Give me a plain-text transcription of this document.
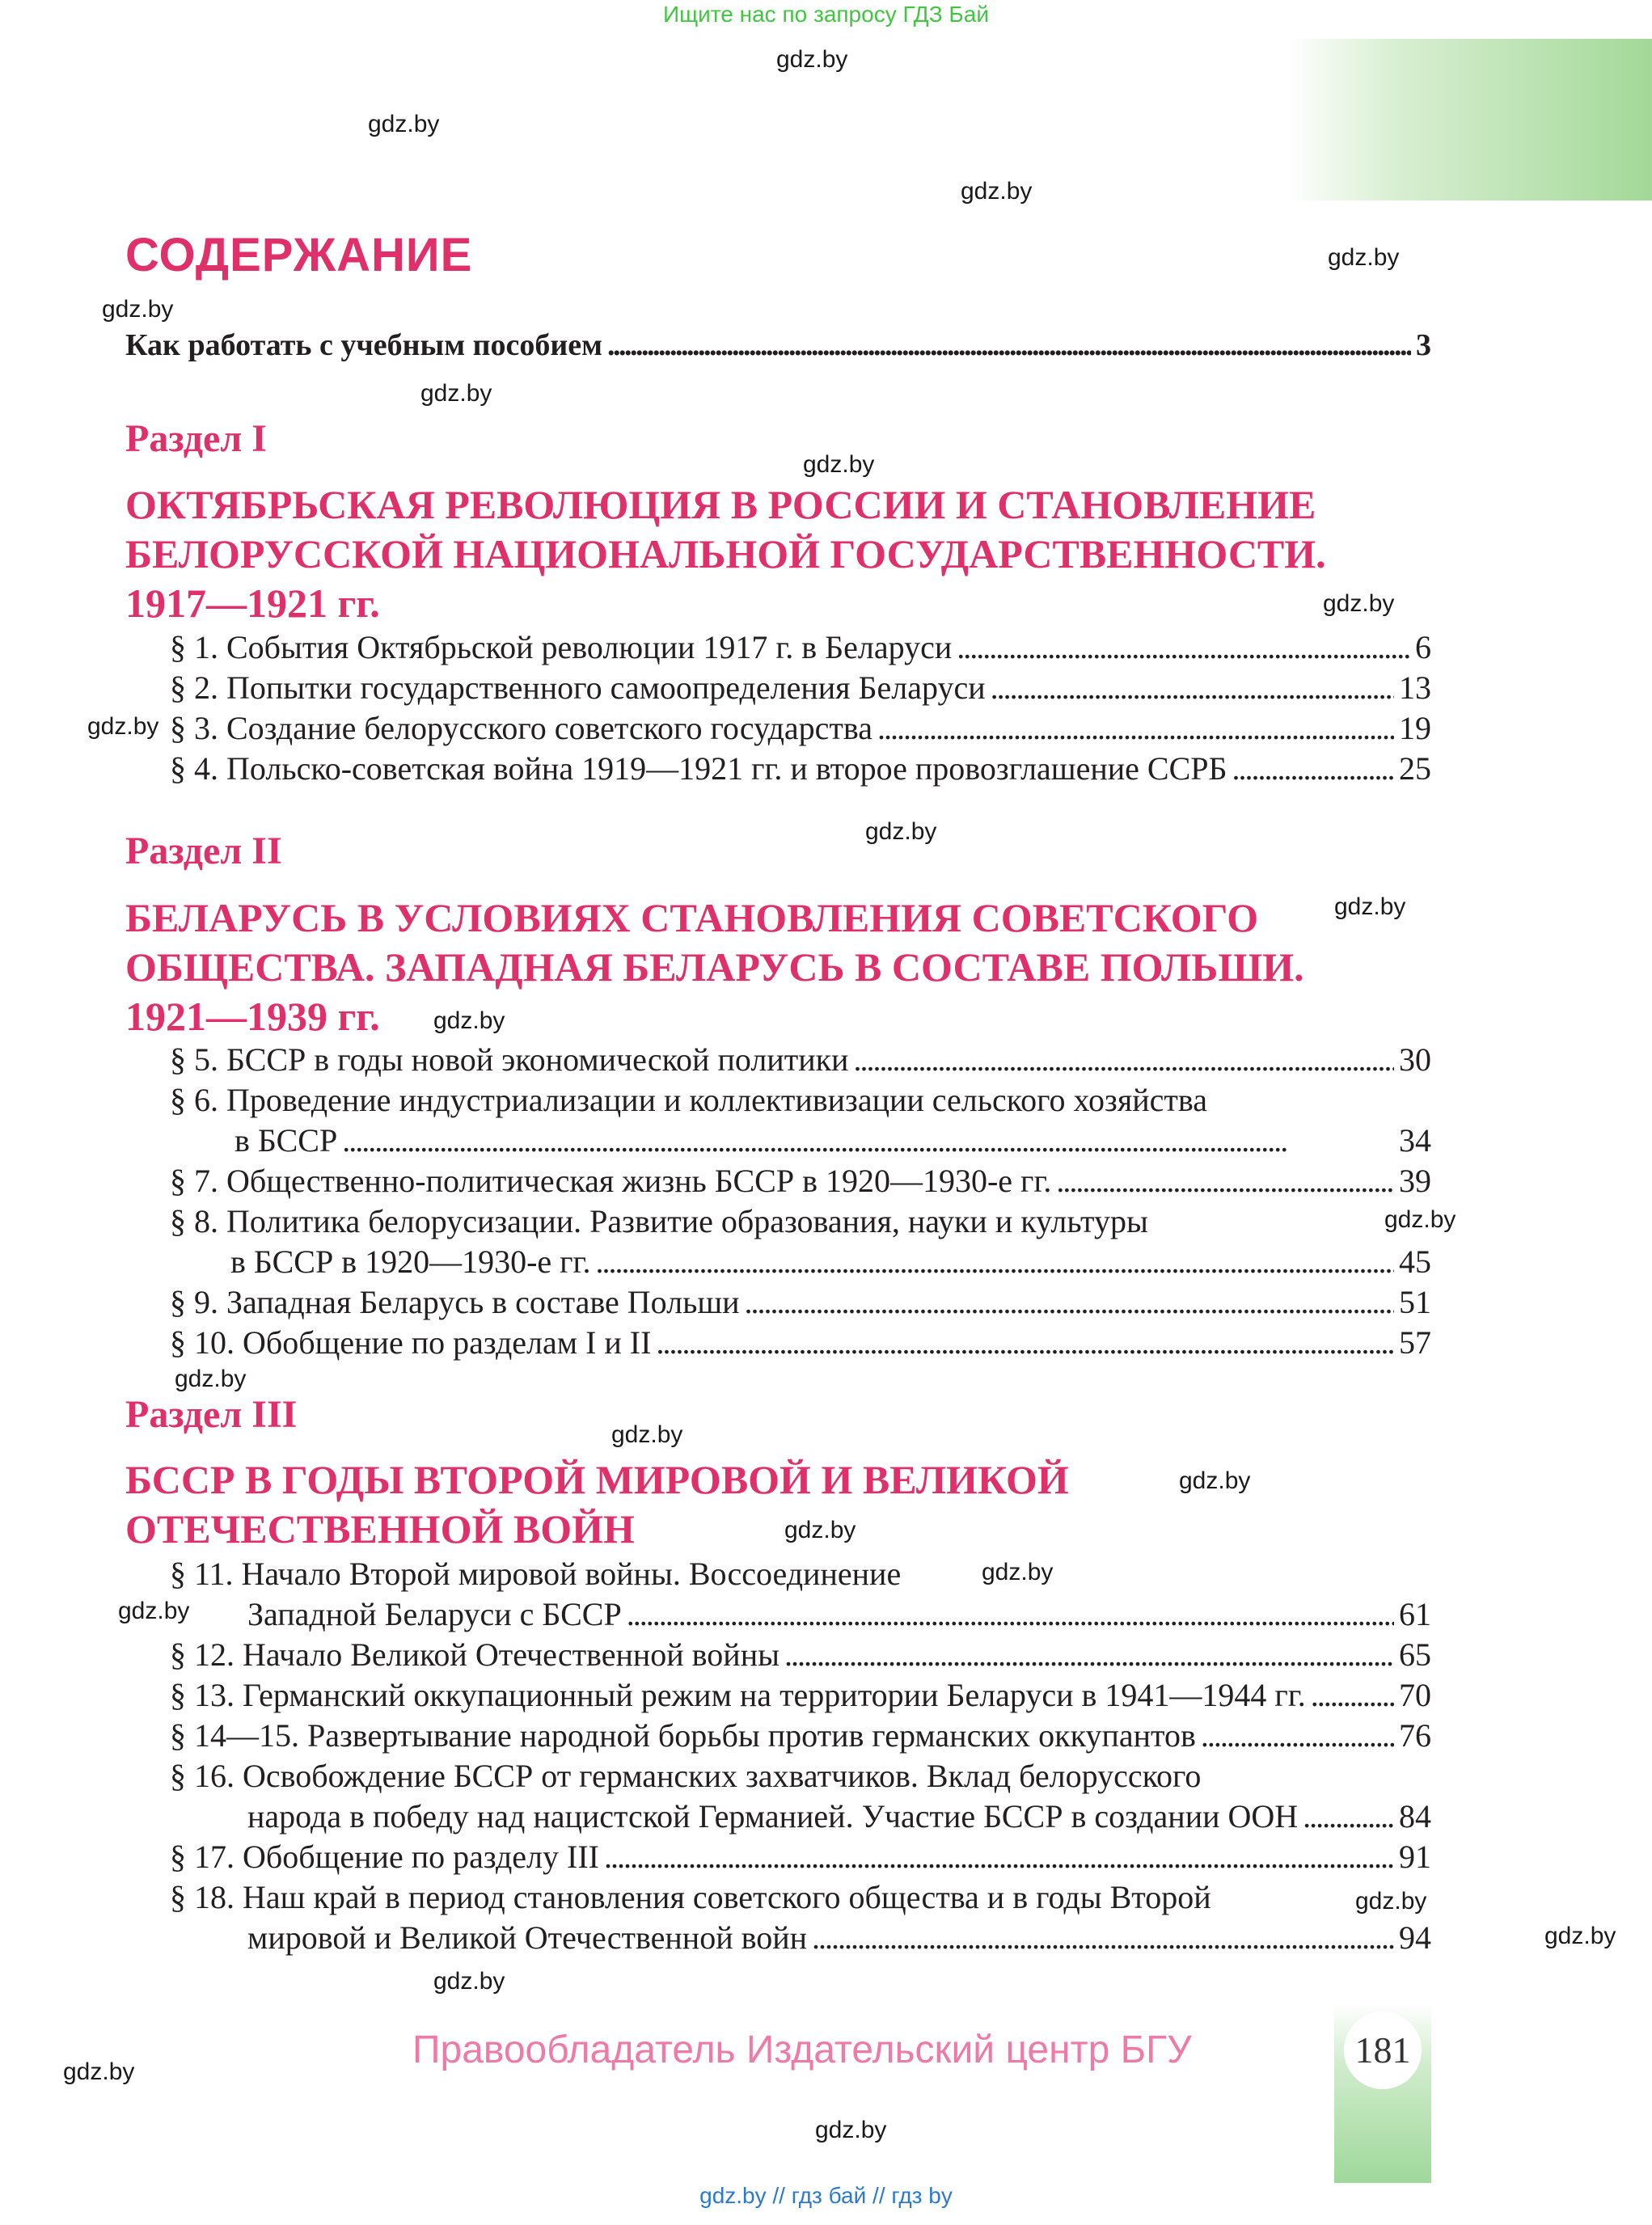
Ищите нас по запросу ГДЗ Бай
gdz.by
gdz.by
gdz.by
gdz.by
gdz.by
gdz.by
gdz.by
gdz.by
gdz.by
gdz.by
gdz.by
gdz.by
gdz.by
gdz.by
gdz.by
gdz.by
gdz.by
gdz.by
gdz.by
gdz.by
gdz.by
gdz.by
gdz.by
gdz.by
СОДЕРЖАНИЕ
Как работать с учебным пособием . . .	3
Раздел I
ОКТЯБРЬСКАЯ РЕВОЛЮЦИЯ В РОССИИ И СТАНОВЛЕНИЕ
БЕЛОРУССКОЙ НАЦИОНАЛЬНОЙ ГОСУДАРСТВЕННОСТИ.
1917—1921 гг.
§ 1. События Октябрьской революции 1917 г. в Беларуси . . .	6
§ 2. Попытки государственного самоопределения Беларуси . . .	13
§ 3. Создание белорусского советского государства . . .	19
§ 4. Польско-советская война 1919—1921 гг. и второе провозглашение ССРБ . . .	25
Раздел II
БЕЛАРУСЬ В УСЛОВИЯХ СТАНОВЛЕНИЯ СОВЕТСКОГО
ОБЩЕСТВА. ЗАПАДНАЯ БЕЛАРУСЬ В СОСТАВЕ ПОЛЬШИ.
1921—1939 гг.
§ 5. БССР в годы новой экономической политики . . .	30
§ 6. Проведение индустриализации и коллективизации сельского хозяйства
в БССР . . .	34
§ 7. Общественно-политическая жизнь БССР в 1920—1930-е гг. . . .	39
§ 8. Политика белорусизации. Развитие образования, науки и культуры
в БССР в 1920—1930-е гг. . . .	45
§ 9. Западная Беларусь в составе Польши . . .	51
§ 10. Обобщение по разделам I и II . . .	57
Раздел III
БССР В ГОДЫ ВТОРОЙ МИРОВОЙ И ВЕЛИКОЙ
ОТЕЧЕСТВЕННОЙ ВОЙН
§ 11. Начало Второй мировой войны. Воссоединение
Западной Беларуси с БССР . . .	61
§ 12. Начало Великой Отечественной войны . . .	65
§ 13. Германский оккупационный режим на территории Беларуси в 1941—1944 гг. . . .	70
§ 14—15. Развертывание народной борьбы против германских оккупантов . . .	76
§ 16. Освобождение БССР от германских захватчиков. Вклад белорусского
народа в победу над нацистской Германией. Участие БССР в создании ООН . . .	84
§ 17. Обобщение по разделу III . . .	91
§ 18. Наш край в период становления советского общества и в годы Второй
мировой и Великой Отечественной войн . . .	94
181
Правообладатель Издательский центр БГУ
gdz.by // гдз бай // гдз by
